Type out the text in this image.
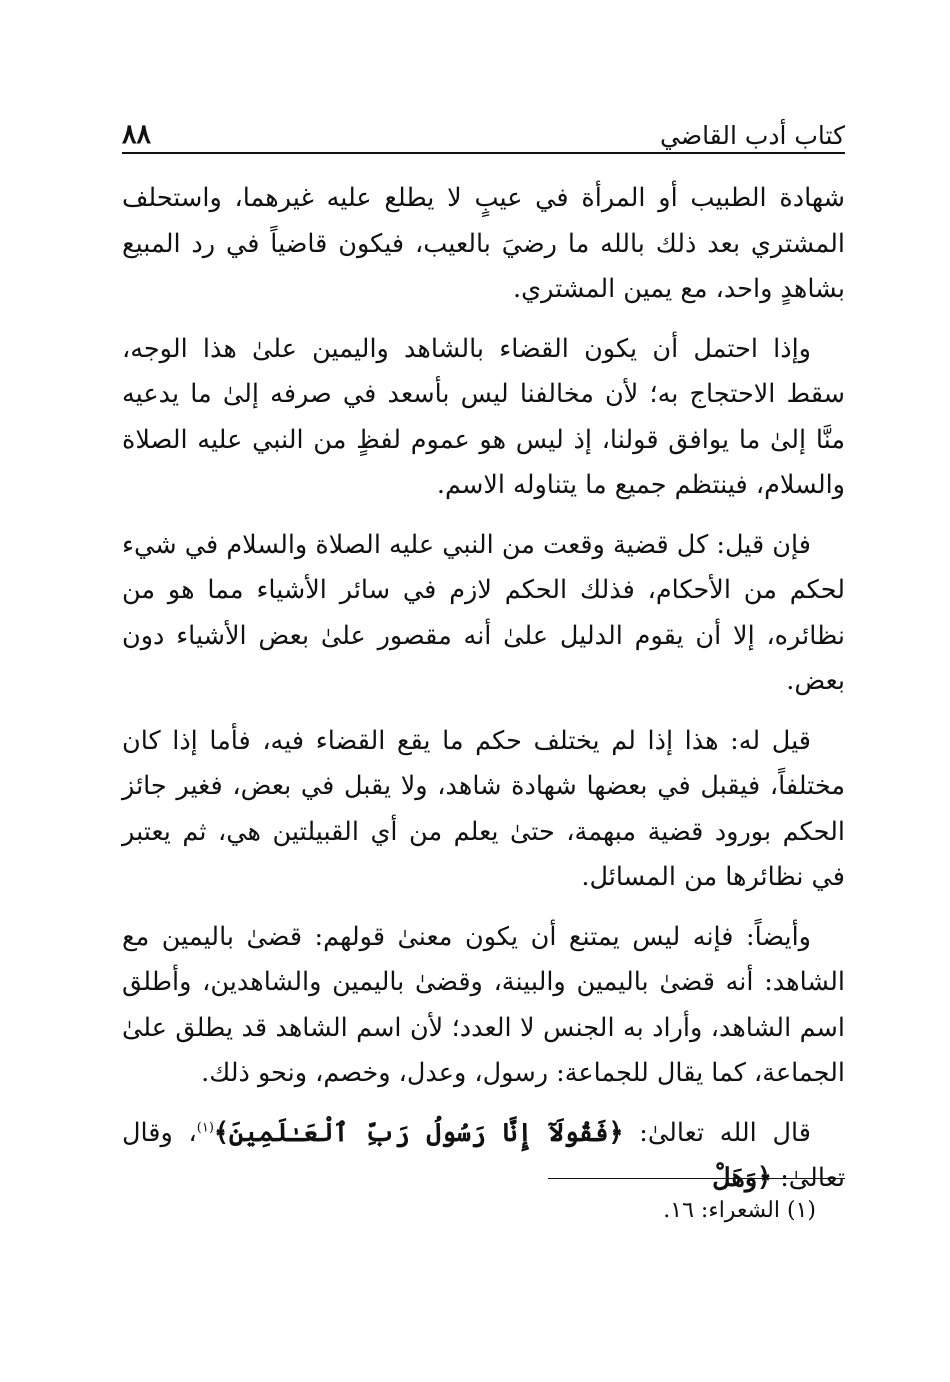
كتاب أدب القاضي
٨٨

شهادة الطبيب أو المرأة في عيبٍ لا يطلع عليه غيرهما، واستحلف المشتري بعد ذلك بالله ما رضيَ بالعيب، فيكون قاضياً في رد المبيع بشاهدٍ واحد، مع يمين المشتري.

وإذا احتمل أن يكون القضاء بالشاهد واليمين علىٰ هذا الوجه، سقط الاحتجاج به؛ لأن مخالفنا ليس بأسعد في صرفه إلىٰ ما يدعيه منَّا إلىٰ ما يوافق قولنا، إذ ليس هو عموم لفظٍ من النبي عليه الصلاة والسلام، فينتظم جميع ما يتناوله الاسم.

فإن قيل: كل قضية وقعت من النبي عليه الصلاة والسلام في شيء لحكم من الأحكام، فذلك الحكم لازم في سائر الأشياء مما هو من نظائره، إلا أن يقوم الدليل علىٰ أنه مقصور علىٰ بعض الأشياء دون بعض.

قيل له: هذا إذا لم يختلف حكم ما يقع القضاء فيه، فأما إذا كان مختلفاً، فيقبل في بعضها شهادة شاهد، ولا يقبل في بعض، فغير جائز الحكم بورود قضية مبهمة، حتىٰ يعلم من أي القبيلتين هي، ثم يعتبر في نظائرها من المسائل.

وأيضاً: فإنه ليس يمتنع أن يكون معنىٰ قولهم: قضىٰ باليمين مع الشاهد: أنه قضىٰ باليمين والبينة، وقضىٰ باليمين والشاهدين، وأطلق اسم الشاهد، وأراد به الجنس لا العدد؛ لأن اسم الشاهد قد يطلق علىٰ الجماعة، كما يقال للجماعة: رسول، وعدل، وخصم، ونحو ذلك.

قال الله تعالىٰ: ﴿فَقُولَآ إِنَّا رَسُولُ رَبِّ ٱلْعَـٰلَمِينَ﴾$^{(١)}$، وقال تعالىٰ: ﴿وَهَلْ

(١) الشعراء: ١٦.
